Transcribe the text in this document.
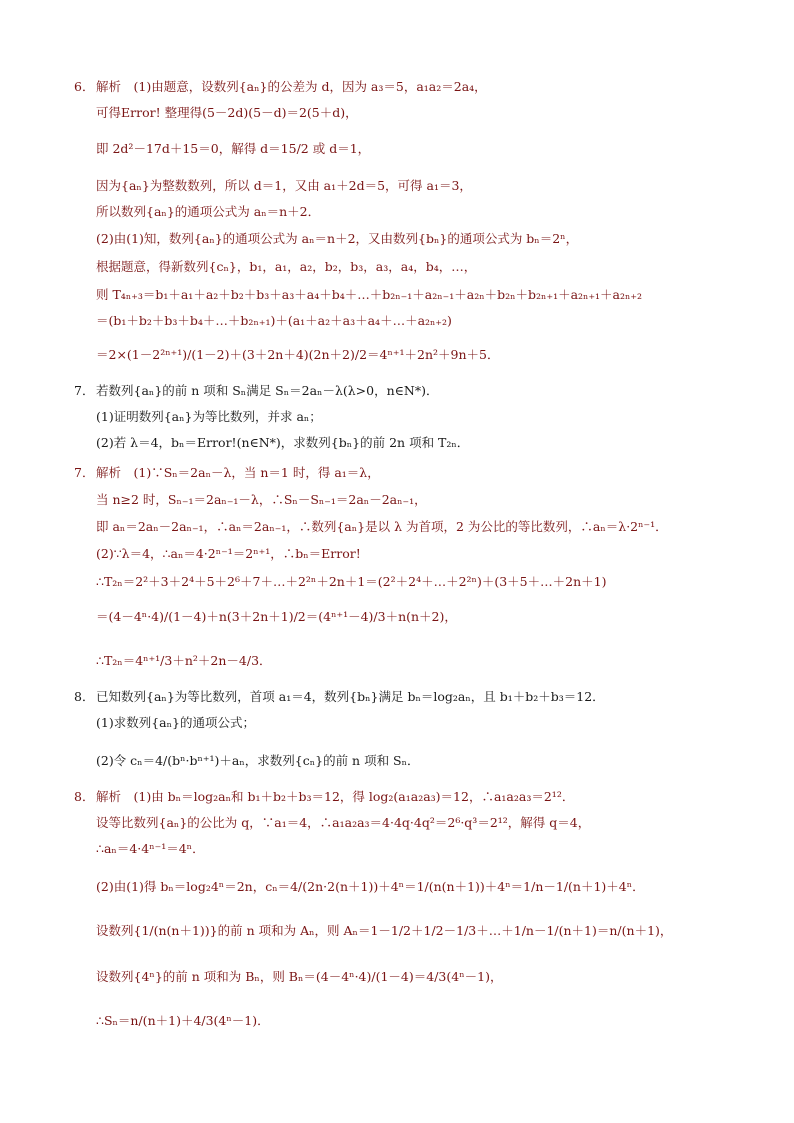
6． 解析　(1)由题意，设数列{aₙ}的公差为 d，因为 a₃＝5，a₁a₂＝2a₄，
可得Error! 整理得(5－2d)(5－d)＝2(5＋d)，
即 2d²－17d＋15＝0，解得 d＝15/2 或 d＝1，
因为{aₙ}为整数数列，所以 d＝1，又由 a₁＋2d＝5，可得 a₁＝3，
所以数列{aₙ}的通项公式为 aₙ＝n＋2．
(2)由(1)知，数列{aₙ}的通项公式为 aₙ＝n＋2，又由数列{bₙ}的通项公式为 bₙ＝2ⁿ，
根据题意，得新数列{cₙ}，b₁，a₁，a₂，b₂，b₃，a₃，a₄，b₄，…，
则 T₄ₙ₊₃＝b₁＋a₁＋a₂＋b₂＋b₃＋a₃＋a₄＋b₄＋…＋b₂ₙ₋₁＋a₂ₙ₋₁＋a₂ₙ＋b₂ₙ＋b₂ₙ₊₁＋a₂ₙ₊₁＋a₂ₙ₊₂
＝(b₁＋b₂＋b₃＋b₄＋…＋b₂ₙ₊₁)＋(a₁＋a₂＋a₃＋a₄＋…＋a₂ₙ₊₂)
＝2×(1－2²ⁿ⁺¹)/(1－2)＋(3＋2n＋4)(2n＋2)/2＝4ⁿ⁺¹＋2n²＋9n＋5．
7． 若数列{aₙ}的前 n 项和 Sₙ满足 Sₙ＝2aₙ－λ(λ>0，n∈N*)．
(1)证明数列{aₙ}为等比数列，并求 aₙ；
(2)若 λ＝4，bₙ＝Error!(n∈N*)，求数列{bₙ}的前 2n 项和 T₂ₙ．
7． 解析　(1)∵Sₙ＝2aₙ－λ，当 n＝1 时，得 a₁＝λ，
当 n≥2 时，Sₙ₋₁＝2aₙ₋₁－λ，∴Sₙ－Sₙ₋₁＝2aₙ－2aₙ₋₁，
即 aₙ＝2aₙ－2aₙ₋₁，∴aₙ＝2aₙ₋₁，∴数列{aₙ}是以 λ 为首项，2 为公比的等比数列，∴aₙ＝λ·2ⁿ⁻¹．
(2)∵λ＝4，∴aₙ＝4·2ⁿ⁻¹＝2ⁿ⁺¹，∴bₙ＝Error!
∴T₂ₙ＝2²＋3＋2⁴＋5＋2⁶＋7＋…＋2²ⁿ＋2n＋1＝(2²＋2⁴＋…＋2²ⁿ)＋(3＋5＋…＋2n＋1)
＝(4－4ⁿ·4)/(1－4)＋n(3＋2n＋1)/2＝(4ⁿ⁺¹－4)/3＋n(n＋2)，
∴T₂ₙ＝4ⁿ⁺¹/3＋n²＋2n－4/3．
8． 已知数列{aₙ}为等比数列，首项 a₁＝4，数列{bₙ}满足 bₙ＝log₂aₙ，且 b₁＋b₂＋b₃＝12．
(1)求数列{aₙ}的通项公式；
(2)令 cₙ＝4/(bⁿ·bⁿ⁺¹)＋aₙ，求数列{cₙ}的前 n 项和 Sₙ．
8． 解析　(1)由 bₙ＝log₂aₙ和 b₁＋b₂＋b₃＝12，得 log₂(a₁a₂a₃)＝12，∴a₁a₂a₃＝2¹²．
设等比数列{aₙ}的公比为 q，∵a₁＝4，∴a₁a₂a₃＝4·4q·4q²＝2⁶·q³＝2¹²，解得 q＝4，
∴aₙ＝4·4ⁿ⁻¹＝4ⁿ．
(2)由(1)得 bₙ＝log₂4ⁿ＝2n，cₙ＝4/(2n·2(n＋1))＋4ⁿ＝1/(n(n＋1))＋4ⁿ＝1/n－1/(n＋1)＋4ⁿ．
设数列{1/(n(n＋1))}的前 n 项和为 Aₙ，则 Aₙ＝1－1/2＋1/2－1/3＋…＋1/n－1/(n＋1)＝n/(n＋1)，
设数列{4ⁿ}的前 n 项和为 Bₙ，则 Bₙ＝(4－4ⁿ·4)/(1－4)＝4/3(4ⁿ－1)，
∴Sₙ＝n/(n＋1)＋4/3(4ⁿ－1)．
